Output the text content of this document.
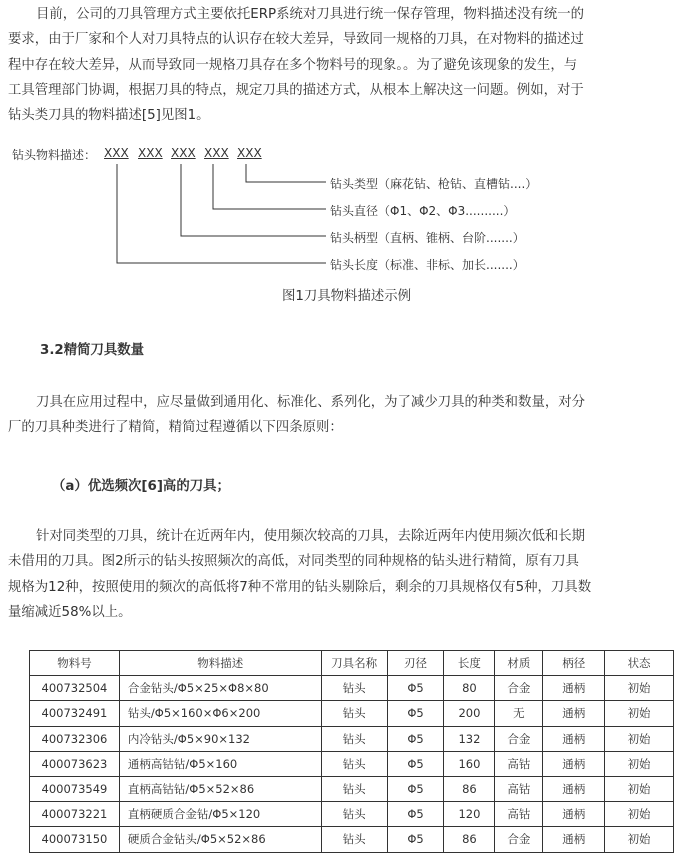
目前，公司的刀具管理方式主要依托ERP系统对刀具进行统一保存管理，物料描述没有统一的
要求，由于厂家和个人对刀具特点的认识存在较大差异，导致同一规格的刀具，在对物料的描述过
程中存在较大差异，从而导致同一规格刀具存在多个物料号的现象。。为了避免该现象的发生，与
工具管理部门协调，根据刀具的特点，规定刀具的描述方式，从根本上解决这一问题。例如，对于
钻头类刀具的物料描述[5]见图1。
钻头物料描述： XXX XXX XXX XXX XXX
钻头类型（麻花钻、枪钻、直槽钻....）
钻头直径（Φ1、Φ2、Φ3..........）
钻头柄型（直柄、锥柄、台阶.......）
钻头长度（标准、非标、加长.......）
图1刀具物料描述示例
3.2精简刀具数量
刀具在应用过程中，应尽量做到通用化、标准化、系列化，为了减少刀具的种类和数量，对分
厂的刀具种类进行了精简，精简过程遵循以下四条原则：
（a）优选频次[6]高的刀具；
针对同类型的刀具，统计在近两年内，使用频次较高的刀具，去除近两年内使用频次低和长期
未借用的刀具。图2所示的钻头按照频次的高低，对同类型的同种规格的钻头进行精简，原有刀具
规格为12种，按照使用的频次的高低将7种不常用的钻头剔除后，剩余的刀具规格仅有5种，刀具数
量缩减近58%以上。
物料号	物料描述	刀具名称	刃径	长度	材质	柄径	状态
400732504	合金钻头/Φ5×25×Φ8×80	钻头	Φ5	80	合金	通柄	初始
400732491	钻头/Φ5×160×Φ6×200	钻头	Φ5	200	无	通柄	初始
400732306	内冷钻头/Φ5×90×132	钻头	Φ5	132	合金	通柄	初始
400073623	通柄高钴钻/Φ5×160	钻头	Φ5	160	高钴	通柄	初始
400073549	直柄高钴钻/Φ5×52×86	钻头	Φ5	86	高钴	通柄	初始
400073221	直柄硬质合金钻/Φ5×120	钻头	Φ5	120	高钴	通柄	初始
400073150	硬质合金钻头/Φ5×52×86	钻头	Φ5	86	合金	通柄	初始
